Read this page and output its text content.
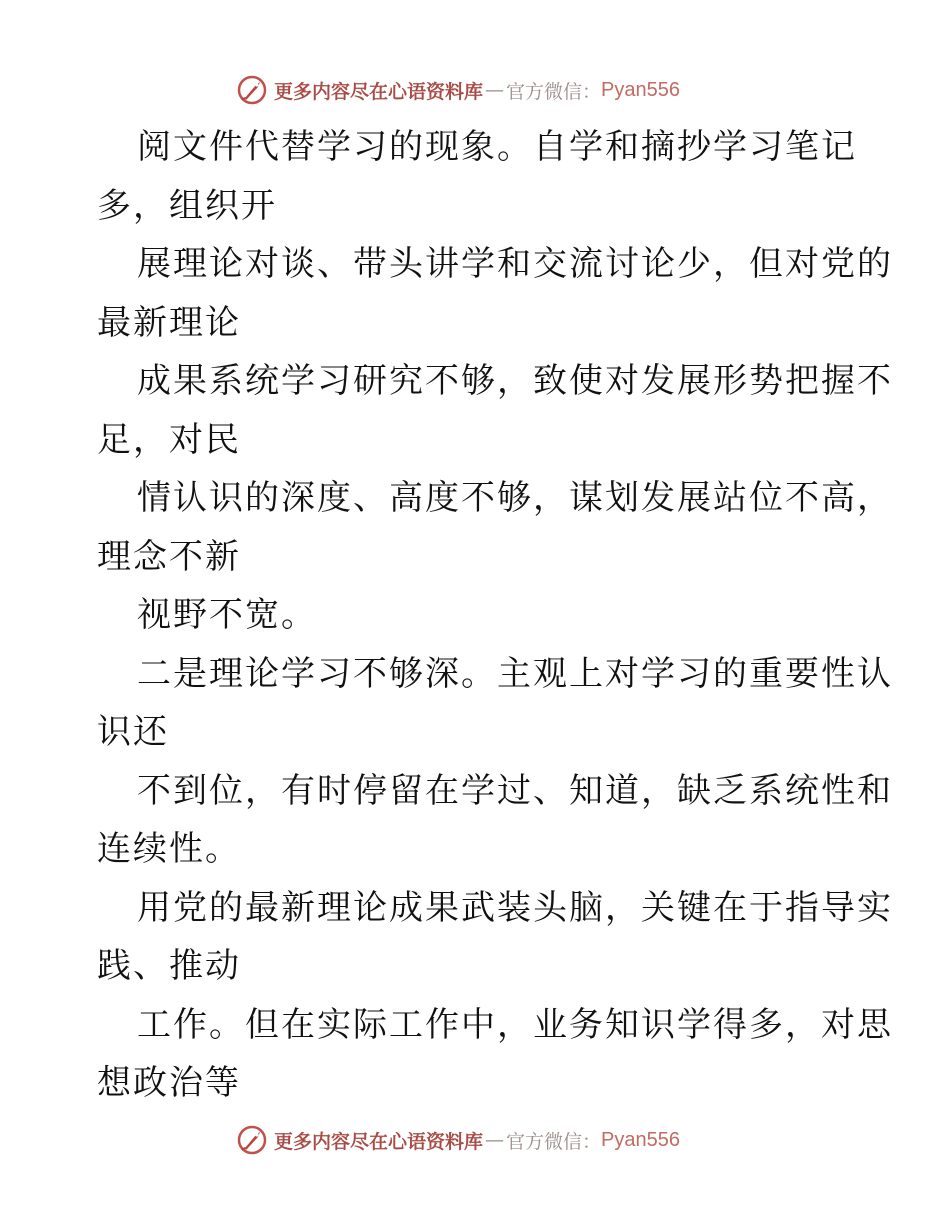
更多内容尽在心语资料库 — 官方微信： Pyan556
阅文件代替学习的现象。自学和摘抄学习笔记
多，组织开
展理论对谈、带头讲学和交流讨论少，但对党的
最新理论
成果系统学习研究不够，致使对发展形势把握不
足，对民
情认识的深度、高度不够，谋划发展站位不高，
理念不新
视野不宽。
二是理论学习不够深。主观上对学习的重要性认
识还
不到位，有时停留在学过、知道，缺乏系统性和
连续性。
用党的最新理论成果武装头脑，关键在于指导实
践、推动
工作。但在实际工作中，业务知识学得多，对思
想政治等
更多内容尽在心语资料库 — 官方微信： Pyan556
